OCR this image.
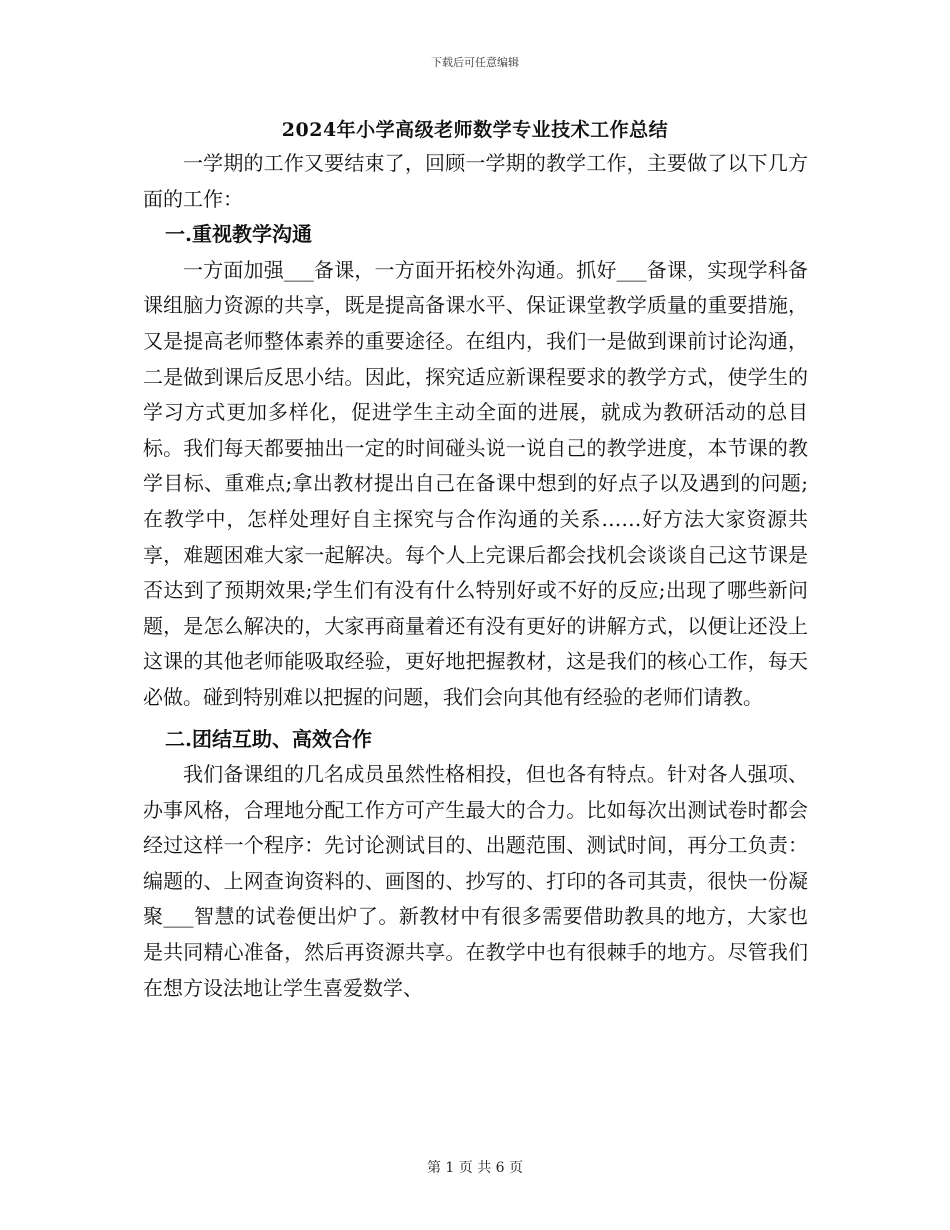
下载后可任意编辑
2024年小学高级老师数学专业技术工作总结

一学期的工作又要结束了，回顾一学期的教学工作，主要做了以下几方面的工作：

一.重视教学沟通

一方面加强___备课，一方面开拓校外沟通。抓好___备课，实现学科备课组脑力资源的共享，既是提高备课水平、保证课堂教学质量的重要措施，又是提高老师整体素养的重要途径。在组内，我们一是做到课前讨论沟通，二是做到课后反思小结。因此，探究适应新课程要求的教学方式，使学生的学习方式更加多样化，促进学生主动全面的进展，就成为教研活动的总目标。我们每天都要抽出一定的时间碰头说一说自己的教学进度，本节课的教学目标、重难点;拿出教材提出自己在备课中想到的好点子以及遇到的问题;在教学中，怎样处理好自主探究与合作沟通的关系……好方法大家资源共享，难题困难大家一起解决。每个人上完课后都会找机会谈谈自己这节课是否达到了预期效果;学生们有没有什么特别好或不好的反应;出现了哪些新问题，是怎么解决的，大家再商量着还有没有更好的讲解方式，以便让还没上这课的其他老师能吸取经验，更好地把握教材，这是我们的核心工作，每天必做。碰到特别难以把握的问题，我们会向其他有经验的老师们请教。

二.团结互助、高效合作

我们备课组的几名成员虽然性格相投，但也各有特点。针对各人强项、办事风格，合理地分配工作方可产生最大的合力。比如每次出测试卷时都会经过这样一个程序：先讨论测试目的、出题范围、测试时间，再分工负责：编题的、上网查询资料的、画图的、抄写的、打印的各司其责，很快一份凝聚___智慧的试卷便出炉了。新教材中有很多需要借助教具的地方，大家也是共同精心准备，然后再资源共享。在教学中也有很棘手的地方。尽管我们在想方设法地让学生喜爱数学、

第 1 页 共 6 页
